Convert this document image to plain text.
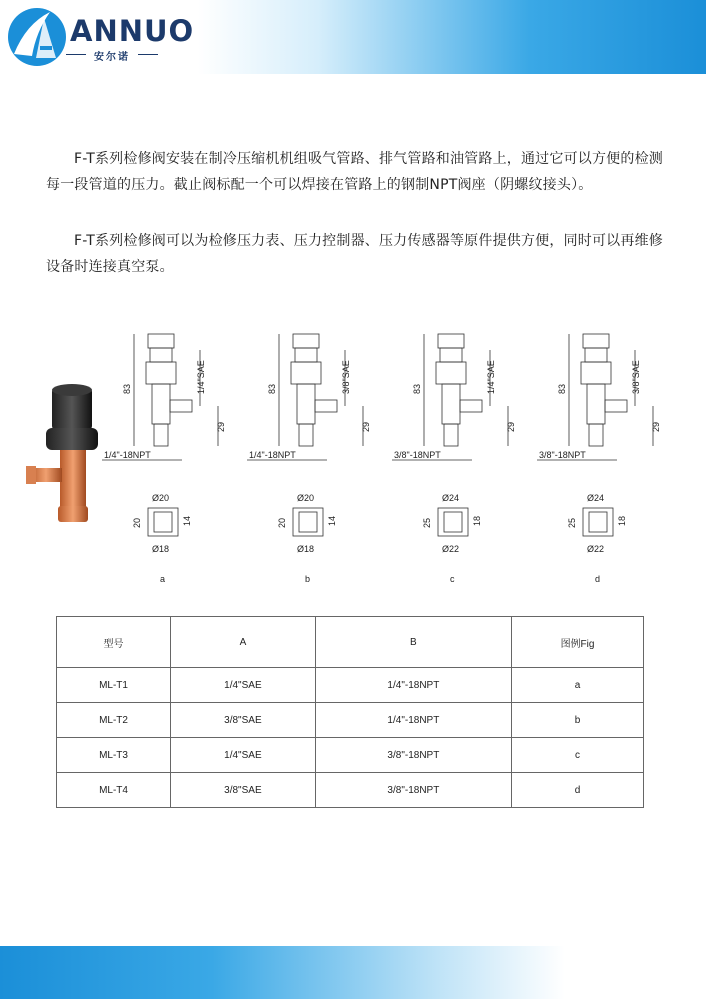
ANNUO
安尔诺
F-T系列检修阀安装在制冷压缩机机组吸气管路、排气管路和油管路上，通过它可以方便的检测每一段管道的压力。截止阀标配一个可以焊接在管路上的钢制NPT阀座（阴螺纹接头）。
F-T系列检修阀可以为检修压力表、压力控制器、压力传感器等原件提供方便，同时可以再维修设备时连接真空泵。
83	1/4"SAE
29
1/4"-18NPT
Ø20
Ø18
20	14
a
83	3/8"SAE
29
1/4"-18NPT
Ø20
Ø18
20	14
b
83	1/4"SAE
29
3/8"-18NPT
Ø24
Ø22
25	18
c
83	3/8"SAE
29
3/8"-18NPT
Ø24
Ø22
25	18
d
型号	A	B	图例Fig
ML-T1	1/4"SAE	1/4"-18NPT	a
ML-T2	3/8"SAE	1/4"-18NPT	b
ML-T3	1/4"SAE	3/8"-18NPT	c
ML-T4	3/8"SAE	3/8"-18NPT	d
